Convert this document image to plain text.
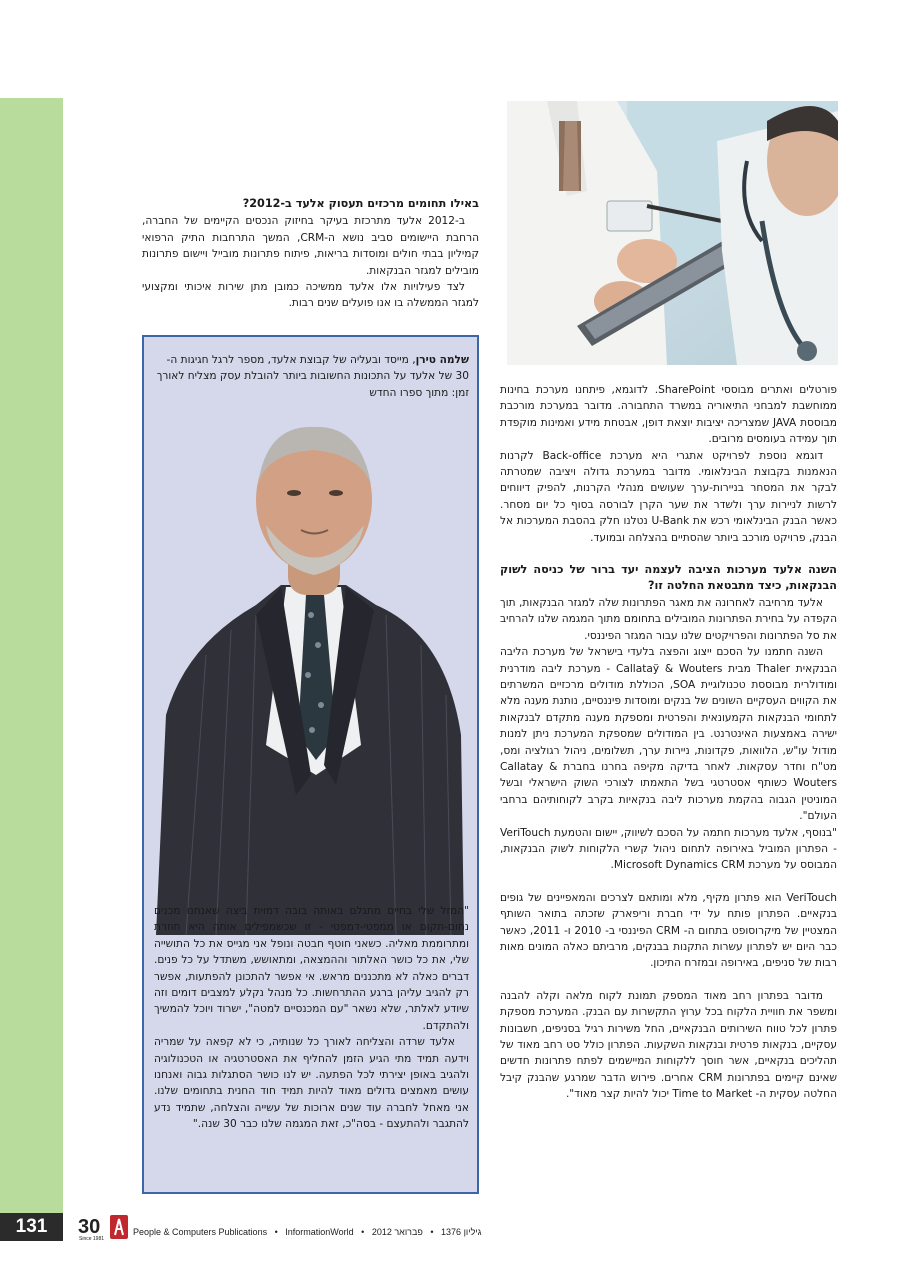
באילו תחומים מרכזים תעסוק אלעד ב-2012?

ב-2012 אלעד מתרכזת בעיקר בחיזוק הנכסים הקיימים של החברה, הרחבת היישומים סביב נושא ה-CRM, המשך התרחבות התיק הרפואי קמיליון בבתי חולים ומוסדות בריאות, פיתוח פתרונות מובייל ויישום פתרונות מובילים למגזר הבנקאות.

לצד פעילויות אלו אלעד ממשיכה כמובן מתן שירות איכותי ומקצועי למגזר הממשלה בו אנו פועלים שנים רבות.

שלמה טירן, מייסד ובעליה של קבוצת אלעד, מספר לרגל חגיגות ה- 30 של אלעד על התכונות החשובות ביותר להובלת עסק מצליח לאורך זמן: מתוך ספרו החדש

"המזל שלי בחיים מתגלם באותה בובה דמוית ביצה שאנחנו מכנים נחום-תקום או ממפטי-דמפטי - זו שכשמפילים אותה היא חוזרת ומתרוממת מאליה. כשאני חוטף חבטה ונופל אני מגייס את כל התושייה שלי, את כל כושר האלתור וההמצאה, ומתאושש, משתדל על כל פנים. דברים כאלה לא מתכננים מראש. אי אפשר להתכונן להפתעות, אפשר רק להגיב עליהן ברגע ההתרחשות. כל מנהל נקלע למצבים דומים וזה שיודע לאלתר, שלא נשאר "עם המכנסיים למטה", ישרוד ויוכל להמשיך ולהתקדם.

אלעד שרדה והצליחה לאורך כל שנותיה, כי לא קפאה על שמריה וידעה תמיד מתי הגיע הזמן להחליף את האסטרטגיה או הטכנולוגיה ולהגיב באופן יצירתי לכל הפתעה. יש לנו כושר הסתגלות גבוה ואנחנו עושים מאמצים גדולים מאוד להיות תמיד חוד החנית בתחומים שלנו. אני מאחל לחברה עוד שנים ארוכות של עשייה והצלחה, שתמיד נדע להתגבר ולהתעצם - בסה"כ, זאת המגמה שלנו כבר 30 שנה."

פורטלים ואתרים מבוססי SharePoint. לדוגמא, פיתחנו מערכת בחינות ממוחשבת למבחני התיאוריה במשרד התחבורה. מדובר במערכת מורכבת מבוססת JAVA שמצריכה יציבות יוצאת דופן, אבטחת מידע ואמינות מוקפדת תוך עמידה בעומסים מרובים.

דוגמא נוספת לפרויקט אתגרי היא מערכת Back-office לקרנות הנאמנות בקבוצת הבינלאומי. מדובר במערכת גדולה ויציבה שמטרתה לבקר את המסחר בניירות-ערך שעושים מנהלי הקרנות, להפיק דיווחים לרשות לניירות ערך ולשדר את שער הקרן לבורסה בסוף כל יום מסחר. כאשר הבנק הבינלאומי רכש את U-Bank נטלנו חלק בהסבת המערכות אל הבנק, פרויקט מורכב ביותר שהסתיים בהצלחה ובמועד.

השנה אלעד מערכות הציבה לעצמה יעד ברור של כניסה לשוק הבנקאות, כיצד מתבטאת החלטה זו?

אלעד מרחיבה לאחרונה את מאגר הפתרונות שלה למגזר הבנקאות, תוך הקפדה על בחירת הפתרונות המובילים בתחומם מתוך המגמה שלנו להרחיב את סל הפתרונות והפרויקטים שלנו עבור המגזר הפיננסי.

השנה חתמנו על הסכם ייצוג והפצה בלעדי בישראל של מערכת הליבה הבנקאית Thaler מבית Callataÿ & Wouters - מערכת ליבה מודרנית ומודולרית מבוססת טכנולוגיית SOA, הכוללת מודולים מרכזיים המשרתים את הקווים העסקיים השונים של בנקים ומוסדות פיננסיים, נותנת מענה מלא לתחומי הבנקאות הקמעונאית והפרטית ומספקת מענה מתקדם לבנקאות ישירה באמצעות האינטרנט. בין המודולים שמספקת המערכת ניתן למנות מודול עו"ש, הלוואות, פקדונות, ניירות ערך, תשלומים, ניהול רגולציה ומס, מט"ח וחדר עסקאות. לאחר בדיקה מקיפה בחרנו בחברת Callatay & Wouters כשותף אסטרטגי בשל התאמתו לצורכי השוק הישראלי ובשל המוניטין הגבוה בהקמת מערכות ליבה בנקאיות בקרב לקוחותיהם ברחבי העולם".

"בנוסף, אלעד מערכות חתמה על הסכם לשיווק, יישום והטמעת VeriTouch - הפתרון המוביל באירופה לתחום ניהול קשרי הלקוחות לשוק הבנקאות, המבוסס על מערכת Microsoft Dynamics CRM.

VeriTouch הוא פתרון מקיף, מלא ומותאם לצרכים והמאפיינים של גופים בנקאיים. הפתרון פותח על ידי חברת וריפארק שזכתה בתואר השותף המצטיין של מיקרוסופט בתחום ה- CRM הפיננסי ב- 2010 ו- 2011, כאשר כבר היום יש לפתרון עשרות התקנות בבנקים, מרביתם כאלה המונים מאות רבות של סניפים, באירופה ובמזרח התיכון.

מדובר בפתרון רחב מאוד המספק תמונת לקוח מלאה וקלה להבנה ומשפר את חוויית הלקוח בכל ערוץ התקשרות עם הבנק. המערכת מספקת פתרון לכל טווח השירותים הבנקאיים, החל משירות רגיל בסניפים, חשבונות עסקיים, בנקאות פרטית ובנקאות השקעות. הפתרון כולל סט רחב מאוד של תהליכים בנקאיים, אשר חוסך ללקוחות המיישמים לפתח פתרונות חדשים שאינם קיימים בפתרונות CRM אחרים. פירוש הדבר שמרגע שהבנק קיבל החלטה עסקית ה- Time to Market יכול להיות קצר מאוד".

131	30
Since 1981
People & Computers Publications • InformationWorld • פברואר 2012 • גיליון 1376
